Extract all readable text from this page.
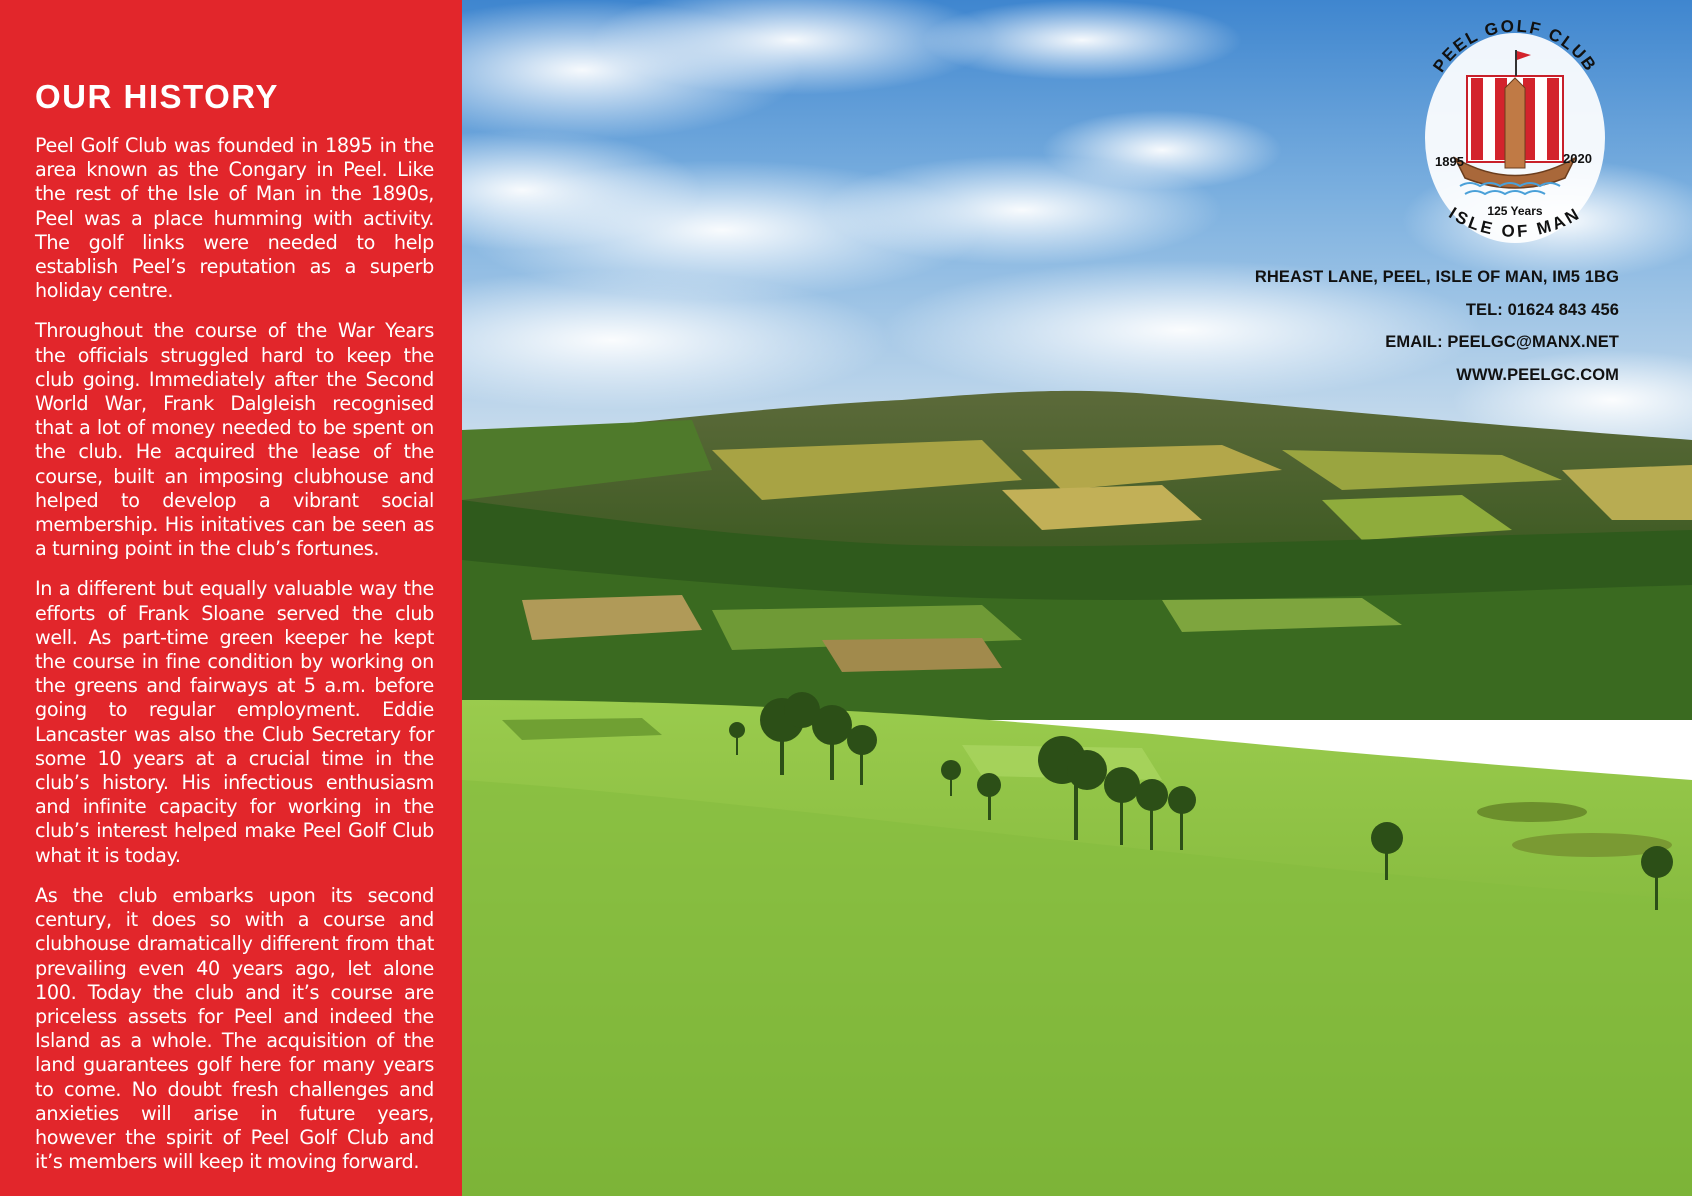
OUR HISTORY

Peel Golf Club was founded in 1895 in the area known as the Congary in Peel. Like the rest of the Isle of Man in the 1890s, Peel was a place humming with activity. The golf links were needed to help establish Peel’s reputation as a superb holiday centre.

Throughout the course of the War Years the officials struggled hard to keep the club going. Immediately after the Second World War, Frank Dalgleish recognised that a lot of money needed to be spent on the club. He acquired the lease of the course, built an imposing clubhouse and helped to develop a vibrant social membership. His initatives can be seen as a turning point in the club’s fortunes.

In a different but equally valuable way the efforts of Frank Sloane served the club well. As part-time green keeper he kept the course in fine condition by working on the greens and fairways at 5 a.m. before going to regular employment. Eddie Lancaster was also the Club Secretary for some 10 years at a crucial time in the club’s history. His infectious enthusiasm and infinite capacity for working in the club’s interest helped make Peel Golf Club what it is today.

As the club embarks upon its second century, it does so with a course and clubhouse dramatically different from that prevailing even 40 years ago, let alone 100. Today the club and it’s course are priceless assets for Peel and indeed the Island as a whole. The acquisition of the land guarantees golf here for many years to come. No doubt fresh challenges and anxieties will arise in future years, however the spirit of Peel Golf Club and it’s members will keep it moving forward.

PEEL GOLF CLUB
1895	2020
125 Years
ISLE OF MAN
RHEAST LANE, PEEL, ISLE OF MAN, IM5 1BG
TEL: 01624 843 456
EMAIL: PEELGC@MANX.NET
WWW.PEELGC.COM
